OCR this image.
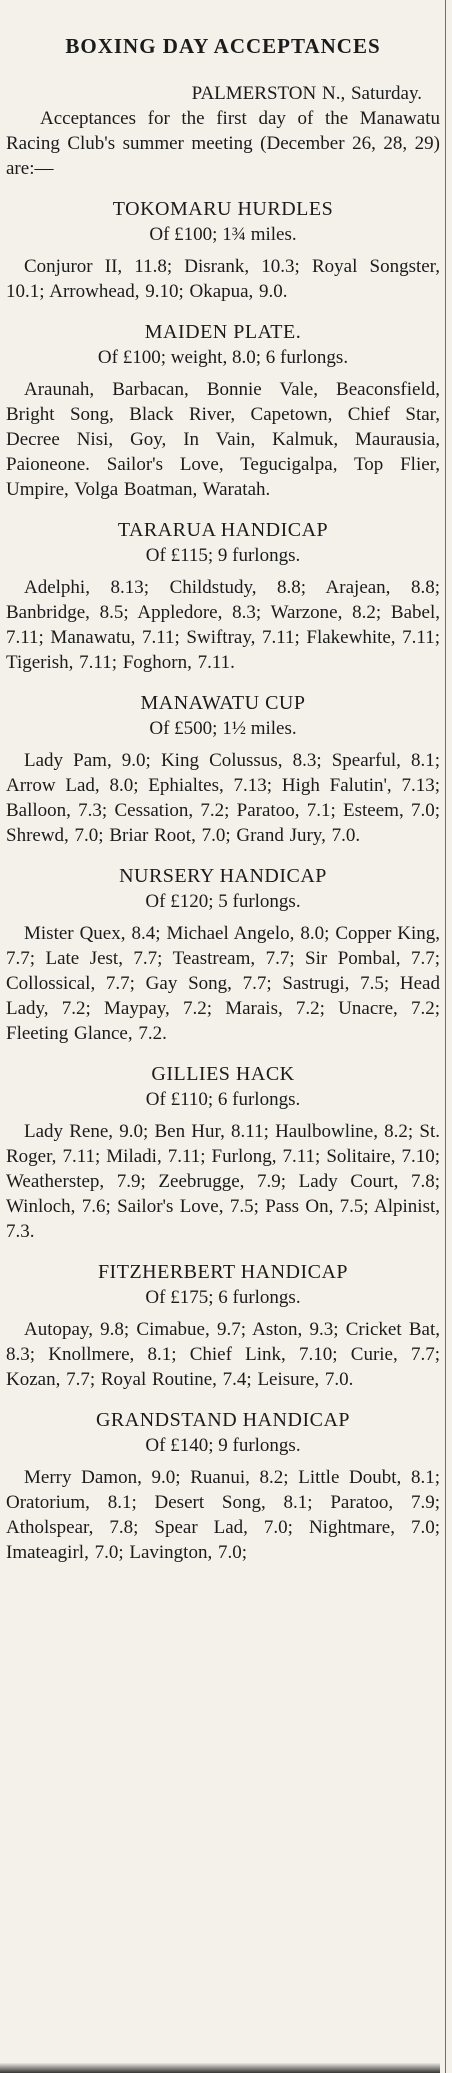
BOXING DAY ACCEPTANCES

PALMERSTON N., Saturday.

Acceptances for the first day of the Manawatu Racing Club's summer meeting (December 26, 28, 29) are:—

TOKOMARU HURDLES

Of £100; 1¾ miles.

Conjuror II, 11.8; Disrank, 10.3; Royal Songster, 10.1; Arrowhead, 9.10; Okapua, 9.0.

MAIDEN PLATE.

Of £100; weight, 8.0; 6 furlongs.

Araunah, Barbacan, Bonnie Vale, Beaconsfield, Bright Song, Black River, Capetown, Chief Star, Decree Nisi, Goy, In Vain, Kalmuk, Maurausia, Paioneone. Sailor's Love, Tegucigalpa, Top Flier, Umpire, Volga Boatman, Waratah.

TARARUA HANDICAP

Of £115; 9 furlongs.

Adelphi, 8.13; Childstudy, 8.8; Arajean, 8.8; Banbridge, 8.5; Appledore, 8.3; Warzone, 8.2; Babel, 7.11; Manawatu, 7.11; Swiftray, 7.11; Flakewhite, 7.11; Tigerish, 7.11; Foghorn, 7.11.

MANAWATU CUP

Of £500; 1½ miles.

Lady Pam, 9.0; King Colussus, 8.3; Spearful, 8.1; Arrow Lad, 8.0; Ephialtes, 7.13; High Falutin', 7.13; Balloon, 7.3; Cessation, 7.2; Paratoo, 7.1; Esteem, 7.0; Shrewd, 7.0; Briar Root, 7.0; Grand Jury, 7.0.

NURSERY HANDICAP

Of £120; 5 furlongs.

Mister Quex, 8.4; Michael Angelo, 8.0; Copper King, 7.7; Late Jest, 7.7; Teastream, 7.7; Sir Pombal, 7.7; Collossical, 7.7; Gay Song, 7.7; Sastrugi, 7.5; Head Lady, 7.2; Maypay, 7.2; Marais, 7.2; Unacre, 7.2; Fleeting Glance, 7.2.

GILLIES HACK

Of £110; 6 furlongs.

Lady Rene, 9.0; Ben Hur, 8.11; Haulbowline, 8.2; St. Roger, 7.11; Miladi, 7.11; Furlong, 7.11; Solitaire, 7.10; Weatherstep, 7.9; Zeebrugge, 7.9; Lady Court, 7.8; Winloch, 7.6; Sailor's Love, 7.5; Pass On, 7.5; Alpinist, 7.3.

FITZHERBERT HANDICAP

Of £175; 6 furlongs.

Autopay, 9.8; Cimabue, 9.7; Aston, 9.3; Cricket Bat, 8.3; Knollmere, 8.1; Chief Link, 7.10; Curie, 7.7; Kozan, 7.7; Royal Routine, 7.4; Leisure, 7.0.

GRANDSTAND HANDICAP

Of £140; 9 furlongs.

Merry Damon, 9.0; Ruanui, 8.2; Little Doubt, 8.1; Oratorium, 8.1; Desert Song, 8.1; Paratoo, 7.9; Atholspear, 7.8; Spear Lad, 7.0; Nightmare, 7.0; Imateagirl, 7.0; Lavington, 7.0;
